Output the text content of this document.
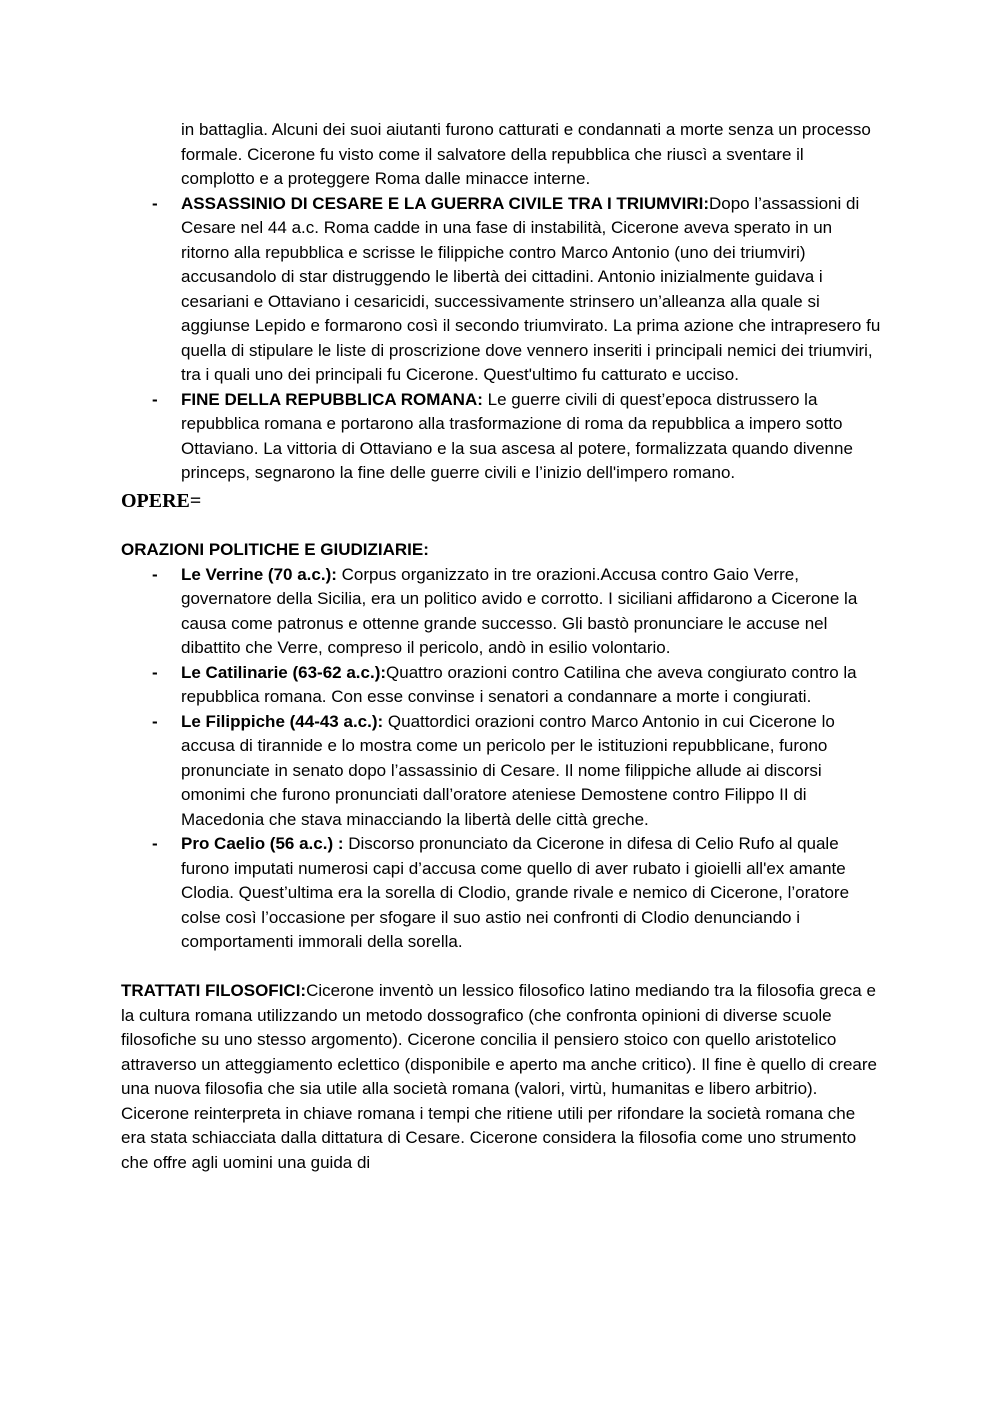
in battaglia. Alcuni dei suoi aiutanti furono catturati e condannati a morte senza un processo formale. Cicerone fu visto come il salvatore della repubblica che riuscì a sventare il complotto e a proteggere Roma dalle minacce interne.

- ASSASSINIO DI CESARE E LA GUERRA CIVILE TRA I TRIUMVIRI:Dopo l’assassioni di Cesare nel 44 a.c. Roma cadde in una fase di instabilità, Cicerone aveva sperato in un ritorno alla repubblica e scrisse le filippiche contro Marco Antonio (uno dei triumviri) accusandolo di star distruggendo le libertà dei cittadini. Antonio inizialmente guidava i cesariani e Ottaviano i cesaricidi, successivamente strinsero un’alleanza alla quale si aggiunse Lepido e formarono così il secondo triumvirato. La prima azione che intrapresero fu quella di stipulare le liste di proscrizione dove vennero inseriti i principali nemici dei triumviri, tra i quali uno dei principali fu Cicerone. Quest'ultimo fu catturato e ucciso.
- FINE DELLA REPUBBLICA ROMANA: Le guerre civili di quest’epoca distrussero la repubblica romana e portarono alla trasformazione di roma da repubblica a impero sotto Ottaviano. La vittoria di Ottaviano e la sua ascesa al potere, formalizzata quando divenne princeps, segnarono la fine delle guerre civili e l’inizio dell'impero romano.
OPERE=

ORAZIONI POLITICHE E GIUDIZIARIE:

- Le Verrine (70 a.c.): Corpus organizzato in tre orazioni.Accusa contro Gaio Verre, governatore della Sicilia, era un politico avido e corrotto. I siciliani affidarono a Cicerone la causa come patronus e ottenne grande successo. Gli bastò pronunciare le accuse nel dibattito che Verre, compreso il pericolo, andò in esilio volontario.
- Le Catilinarie (63-62 a.c.):Quattro orazioni contro Catilina che aveva congiurato contro la repubblica romana. Con esse convinse i senatori a condannare a morte i congiurati.
- Le Filippiche (44-43 a.c.): Quattordici orazioni contro Marco Antonio in cui Cicerone lo accusa di tirannide e lo mostra come un pericolo per le istituzioni repubblicane, furono pronunciate in senato dopo l’assassinio di Cesare. Il nome filippiche allude ai discorsi omonimi che furono pronunciati dall’oratore ateniese Demostene contro Filippo II di Macedonia che stava minacciando la libertà delle città greche.
- Pro Caelio (56 a.c.) : Discorso pronunciato da Cicerone in difesa di Celio Rufo al quale furono imputati numerosi capi d’accusa come quello di aver rubato i gioielli all'ex amante Clodia. Quest’ultima era la sorella di Clodio, grande rivale e nemico di Cicerone, l’oratore colse così l’occasione per sfogare il suo astio nei confronti di Clodio denunciando i comportamenti immorali della sorella.

TRATTATI FILOSOFICI:Cicerone inventò un lessico filosofico latino mediando tra la filosofia greca e la cultura romana utilizzando un metodo dossografico (che confronta opinioni di diverse scuole filosofiche su uno stesso argomento). Cicerone concilia il pensiero stoico con quello aristotelico attraverso un atteggiamento eclettico (disponibile e aperto ma anche critico). Il fine è quello di creare una nuova filosofia che sia utile alla società romana (valori, virtù, humanitas e libero arbitrio). Cicerone reinterpreta in chiave romana i tempi che ritiene utili per rifondare la società romana che era stata schiacciata dalla dittatura di Cesare. Cicerone considera la filosofia come uno strumento che offre agli uomini una guida di
